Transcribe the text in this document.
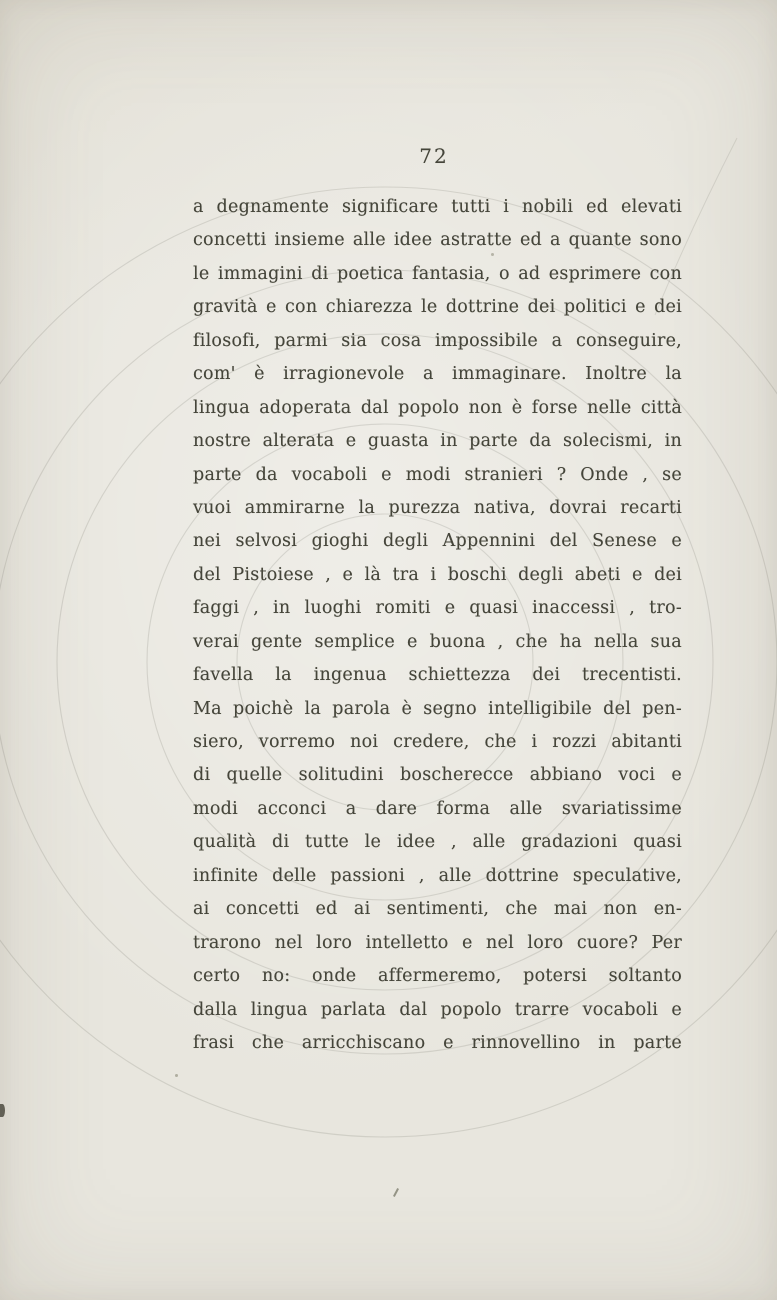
72
a degnamente significare tutti i nobili ed elevati
concetti insieme alle idee astratte ed a quante sono
le immagini di poetica fantasia, o ad esprimere con
gravità e con chiarezza le dottrine dei politici e dei
filosofi, parmi sia cosa impossibile a conseguire,
com' è irragionevole a immaginare. Inoltre la
lingua adoperata dal popolo non è forse nelle città
nostre alterata e guasta in parte da solecismi, in
parte da vocaboli e modi stranieri ? Onde , se
vuoi ammirarne la purezza nativa, dovrai recarti
nei selvosi gioghi degli Appennini del Senese e
del Pistoiese , e là tra i boschi degli abeti e dei
faggi , in luoghi romiti e quasi inaccessi , tro-
verai gente semplice e buona , che ha nella sua
favella la ingenua schiettezza dei trecentisti.
Ma poichè la parola è segno intelligibile del pen-
siero, vorremo noi credere, che i rozzi abitanti
di quelle solitudini boscherecce abbiano voci e
modi acconci a dare forma alle svariatissime
qualità di tutte le idee , alle gradazioni quasi
infinite delle passioni , alle dottrine speculative,
ai concetti ed ai sentimenti, che mai non en-
trarono nel loro intelletto e nel loro cuore? Per
certo no: onde affermeremo, potersi soltanto
dalla lingua parlata dal popolo trarre vocaboli e
frasi che arricchiscano e rinnovellino in parte
